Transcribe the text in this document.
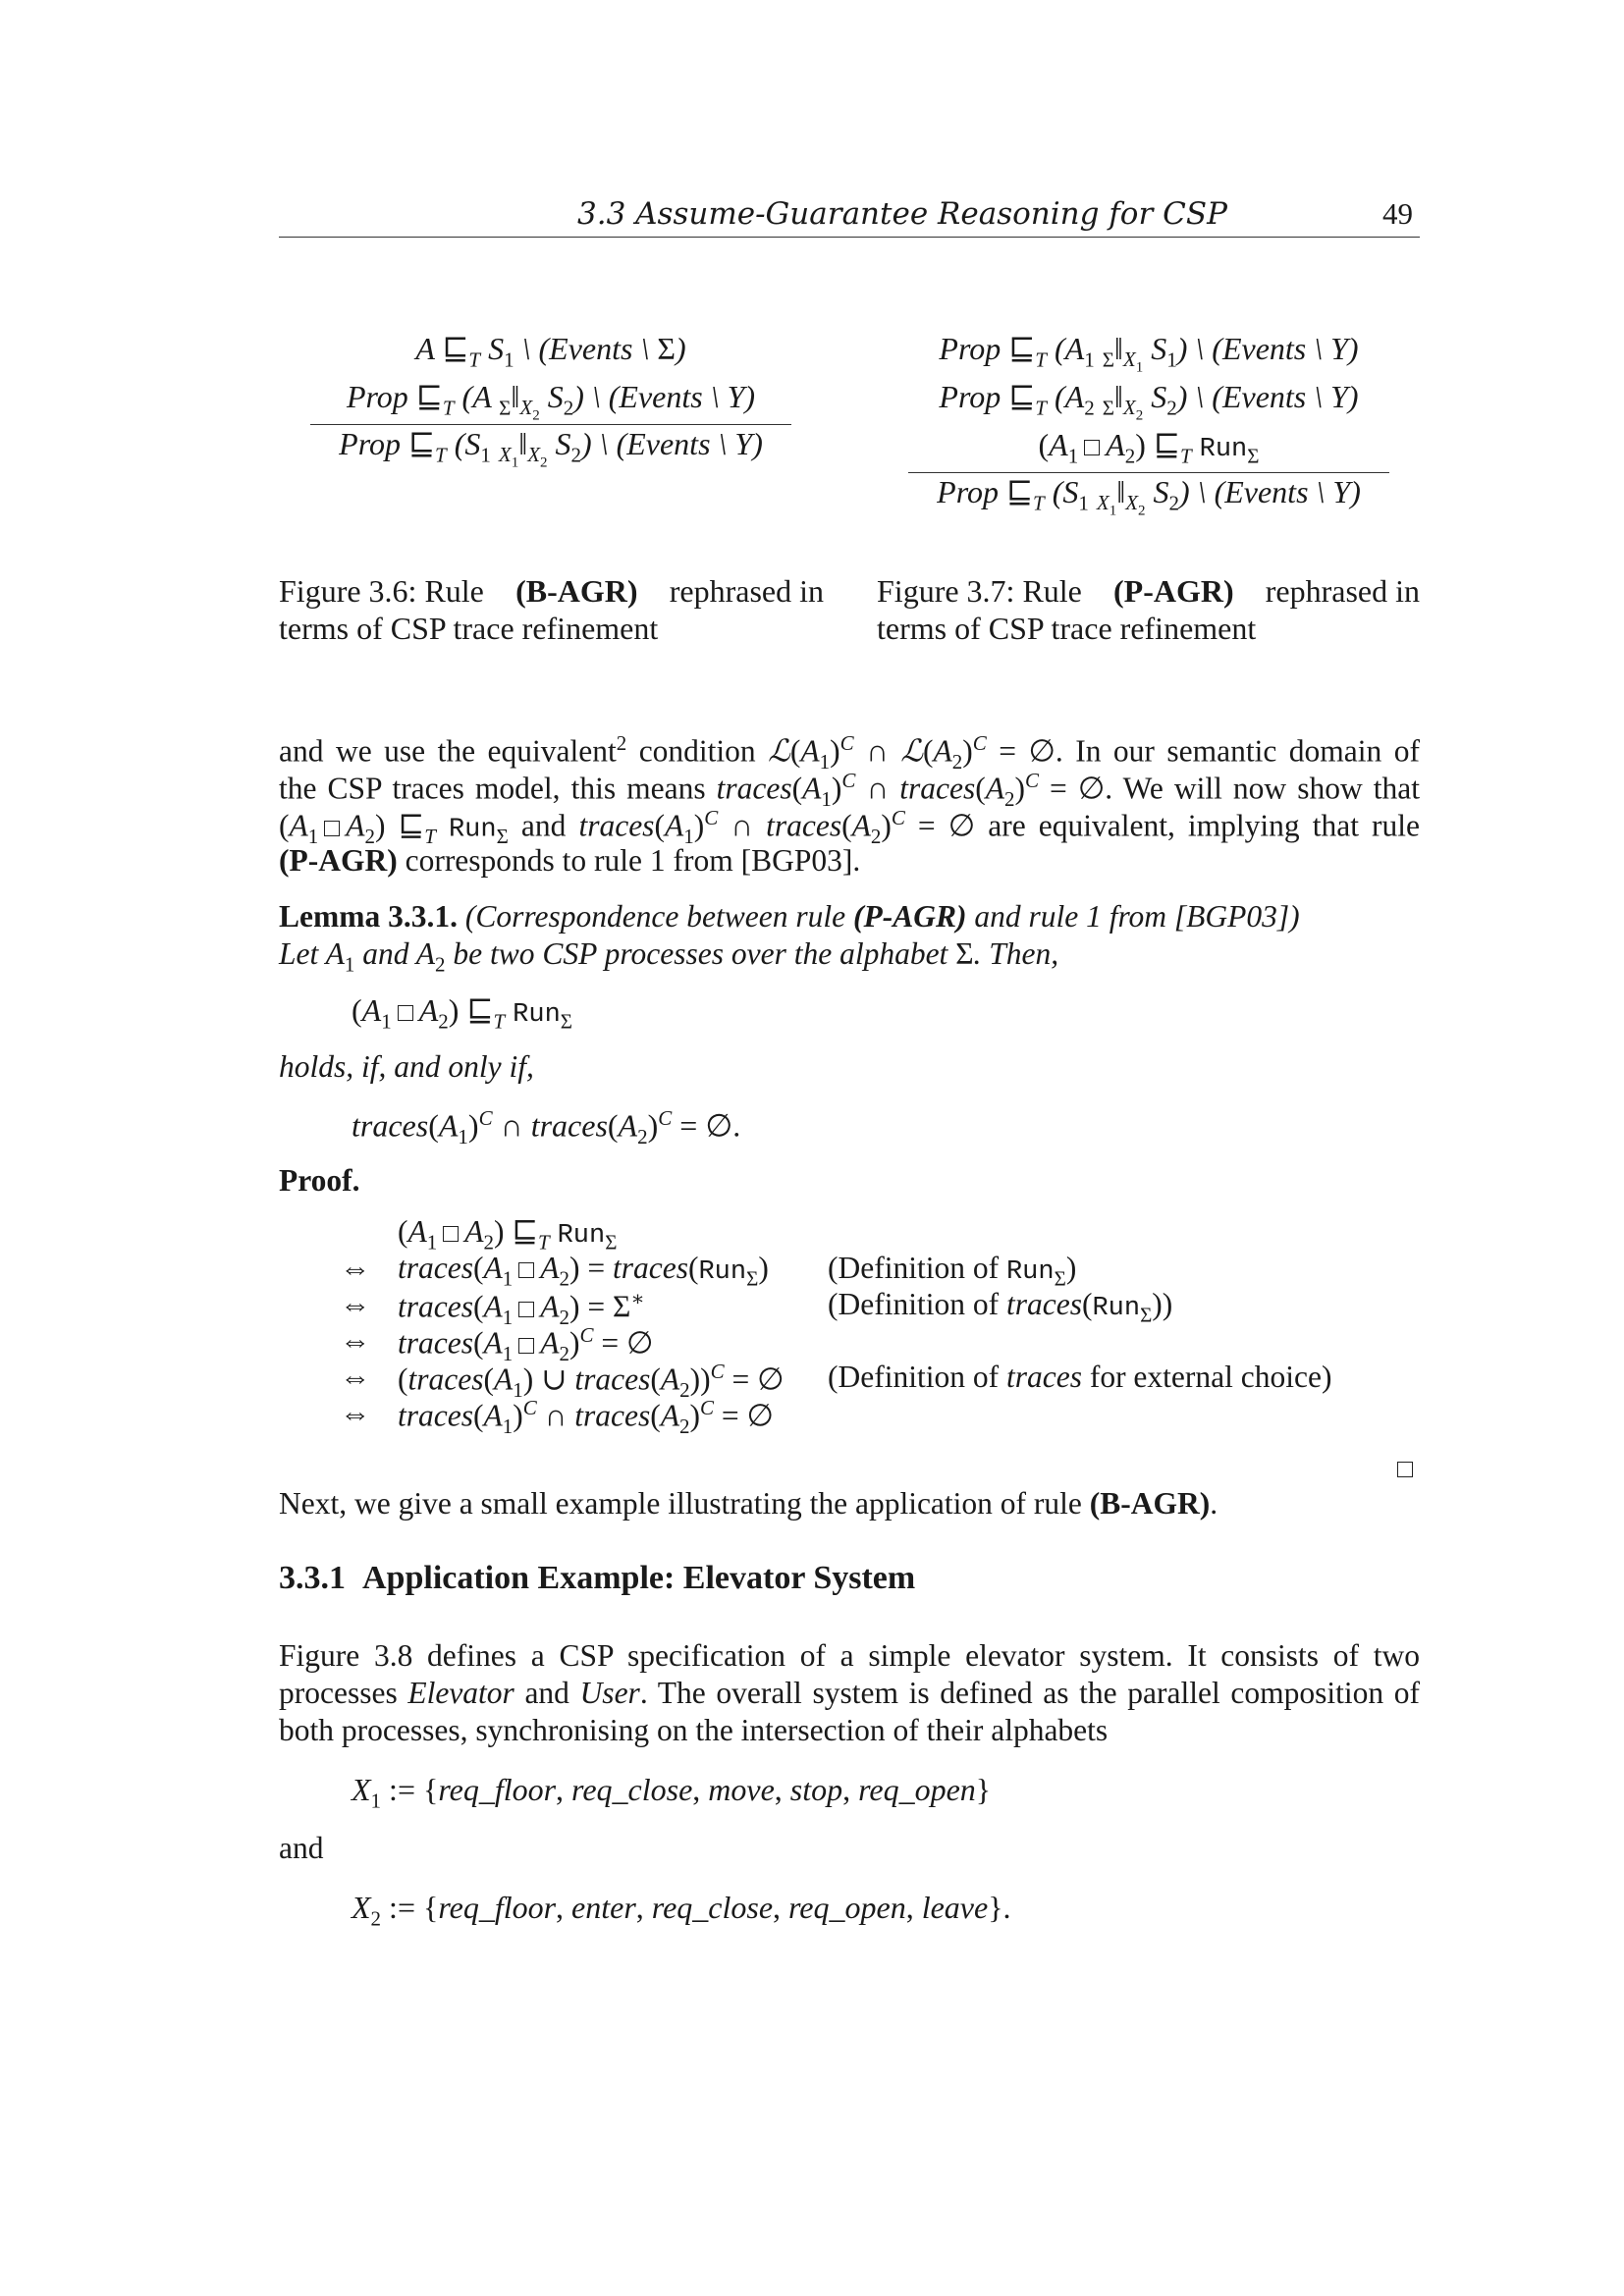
3.3 Assume-Guarantee Reasoning for CSP	49
A $⊑_T$ $S_1$ \ (Events \ Σ)
Prop $⊑_T$ (A $_\Sigma‖_{X_2}$ $S_2$) \ (Events \ Y)
Prop $⊑_T$ ($S_1$ $_{X_1}‖_{X_2}$ $S_2$) \ (Events \ Y)
Figure 3.6: Rule (B-AGR) rephrased in
terms of CSP trace refinement
Prop $⊑_T$ ($A_1$ $_\Sigma‖_{X_1}$ $S_1$) \ (Events \ Y)
Prop $⊑_T$ ($A_2$ $_\Sigma‖_{X_2}$ $S_2$) \ (Events \ Y)
($A_1$ $A_2$) $⊑_T$ Run$_\Sigma$
Prop $⊑_T$ ($S_1$ $_{X_1}‖_{X_2}$ $S_2$) \ (Events \ Y)
Figure 3.7: Rule (P-AGR) rephrased in
terms of CSP trace refinement
and we use the equivalent$^2$ condition $ℒ(A_1)^C$ ∩ $ℒ(A_2)^C$ = ∅. In our semantic domain of
the CSP traces model, this means $traces(A_1)^C$ ∩ $traces(A_2)^C$ = ∅. We will now show that
($A_1$ $A_2$) $⊑_T$ Run$_\Sigma$ and $traces(A_1)^C$ ∩ $traces(A_2)^C$ = ∅ are equivalent, implying that rule
(P-AGR) corresponds to rule 1 from [BGP03].
Lemma 3.3.1. (Correspondence between rule (P-AGR) and rule 1 from [BGP03])
Let $A_1$ and $A_2$ be two CSP processes over the alphabet Σ. Then,
($A_1$ $A_2$) $⊑_T$ Run$_\Sigma$
holds, if, and only if,
$traces(A_1)^C$ ∩ $traces(A_2)^C$ = ∅.
Proof.
⇔
⇔
⇔
⇔
⇔
($A_1$ $A_2$) $⊑_T$ Run$_\Sigma$
$traces(A_1$ $A_2$) = traces(Run$_\Sigma$)
$traces(A_1$ $A_2) = \Sigma^∗$
$traces(A_1$ $A_2)^C$ = ∅
($traces(A_1)$ ∪ $traces(A_2))^C$ = ∅
$traces(A_1)^C$ ∩ $traces(A_2)^C$ = ∅
(Definition of Run$_\Sigma$)
(Definition of traces(Run$_\Sigma$))
(Definition of traces for external choice)
Next, we give a small example illustrating the application of rule (B-AGR).
3.3.1 Application Example: Elevator System
Figure 3.8 defines a CSP specification of a simple elevator system. It consists of two
processes Elevator and User. The overall system is defined as the parallel composition of
both processes, synchronising on the intersection of their alphabets
$X_1$ := {req_floor, req_close, move, stop, req_open}
and
$X_2$ := {req_floor, enter, req_close, req_open, leave}.
